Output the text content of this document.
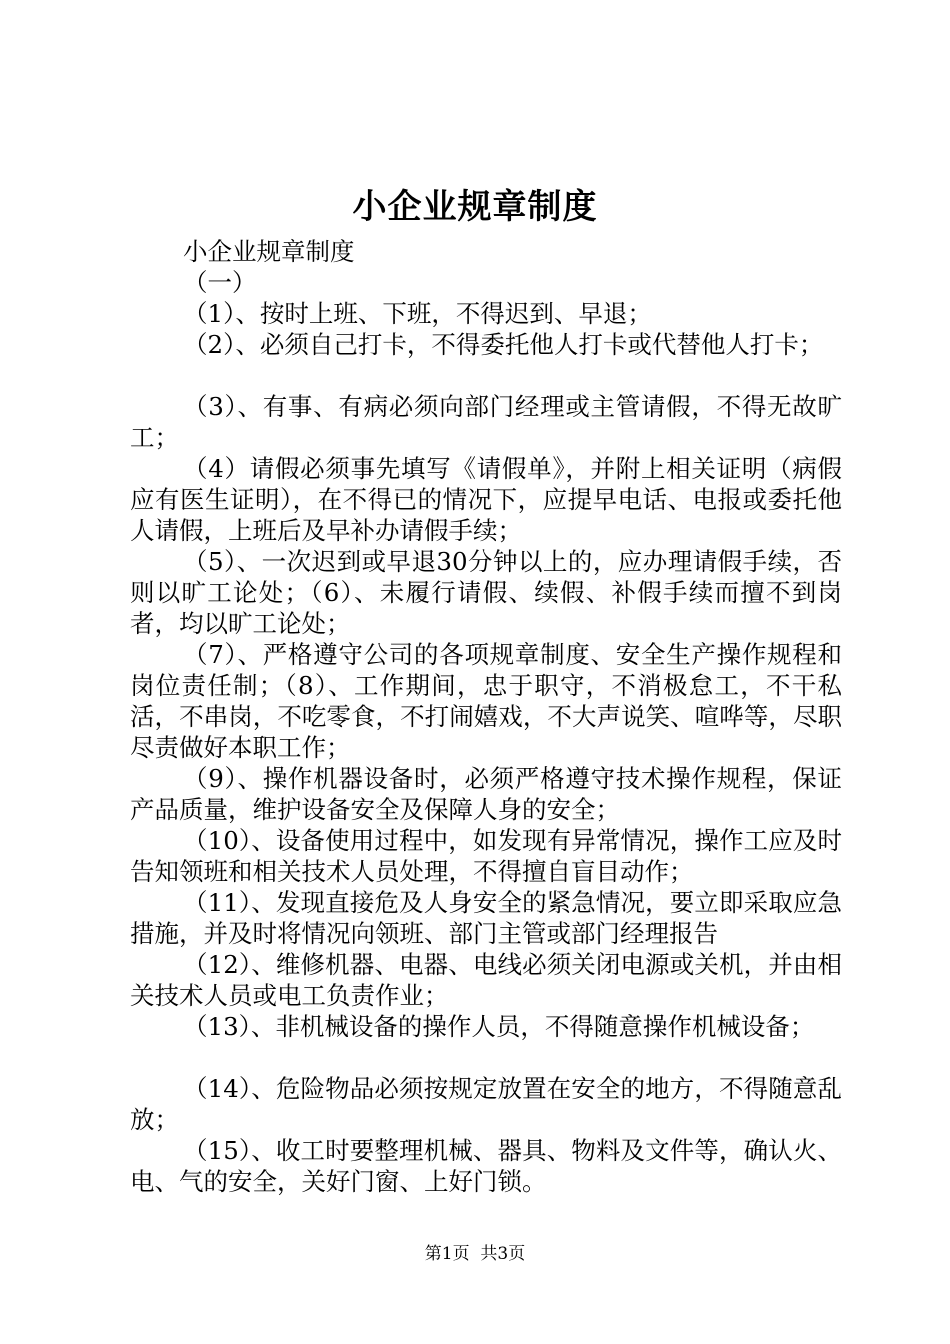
小企业规章制度

小企业规章制度

（一）

（1）、按时上班、下班，不得迟到、早退；

（2）、必须自己打卡，不得委托他人打卡或代替他人打卡；

（3）、有事、有病必须向部门经理或主管请假，不得无故旷工；

（4）请假必须事先填写《请假单》，并附上相关证明（病假应有医生证明），在不得已的情况下，应提早电话、电报或委托他人请假，上班后及早补办请假手续；

（5）、一次迟到或早退30分钟以上的，应办理请假手续，否则以旷工论处；（6）、未履行请假、续假、补假手续而擅不到岗者，均以旷工论处；

（7）、严格遵守公司的各项规章制度、安全生产操作规程和岗位责任制；（8）、工作期间，忠于职守，不消极怠工，不干私活，不串岗，不吃零食，不打闹嬉戏，不大声说笑、喧哗等，尽职尽责做好本职工作；

（9）、操作机器设备时，必须严格遵守技术操作规程，保证产品质量，维护设备安全及保障人身的安全；

（10）、设备使用过程中，如发现有异常情况，操作工应及时告知领班和相关技术人员处理，不得擅自盲目动作；

（11）、发现直接危及人身安全的紧急情况，要立即采取应急措施，并及时将情况向领班、部门主管或部门经理报告

（12）、维修机器、电器、电线必须关闭电源或关机，并由相关技术人员或电工负责作业；

（13）、非机械设备的操作人员，不得随意操作机械设备；

（14）、危险物品必须按规定放置在安全的地方，不得随意乱放；

（15）、收工时要整理机械、器具、物料及文件等，确认火、电、气的安全，关好门窗、上好门锁。

第1页 共3页
